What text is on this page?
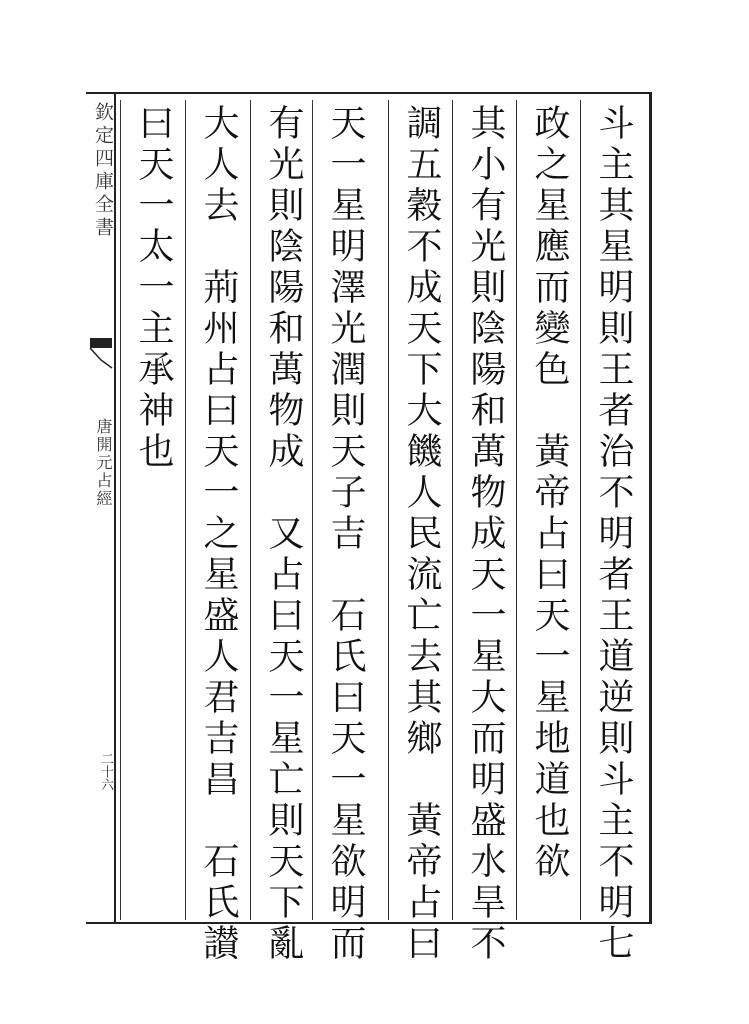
欽定四庫全書
唐開元占經
二十六	斗主其星明則王者治不明者王道逆則斗主不明七
政之星應而變色　黃帝占曰天一星地道也欲
其小有光則陰陽和萬物成天一星大而明盛水旱不
調五穀不成天下大饑人民流亡去其鄉　黃帝占曰
天一星明澤光潤則天子吉　石氏曰天一星欲明而
有光則陰陽和萬物成　又占曰天一星亡則天下亂
大人去　荊州占曰天一之星盛人君吉昌　石氏讃
曰天一太一主承神也
